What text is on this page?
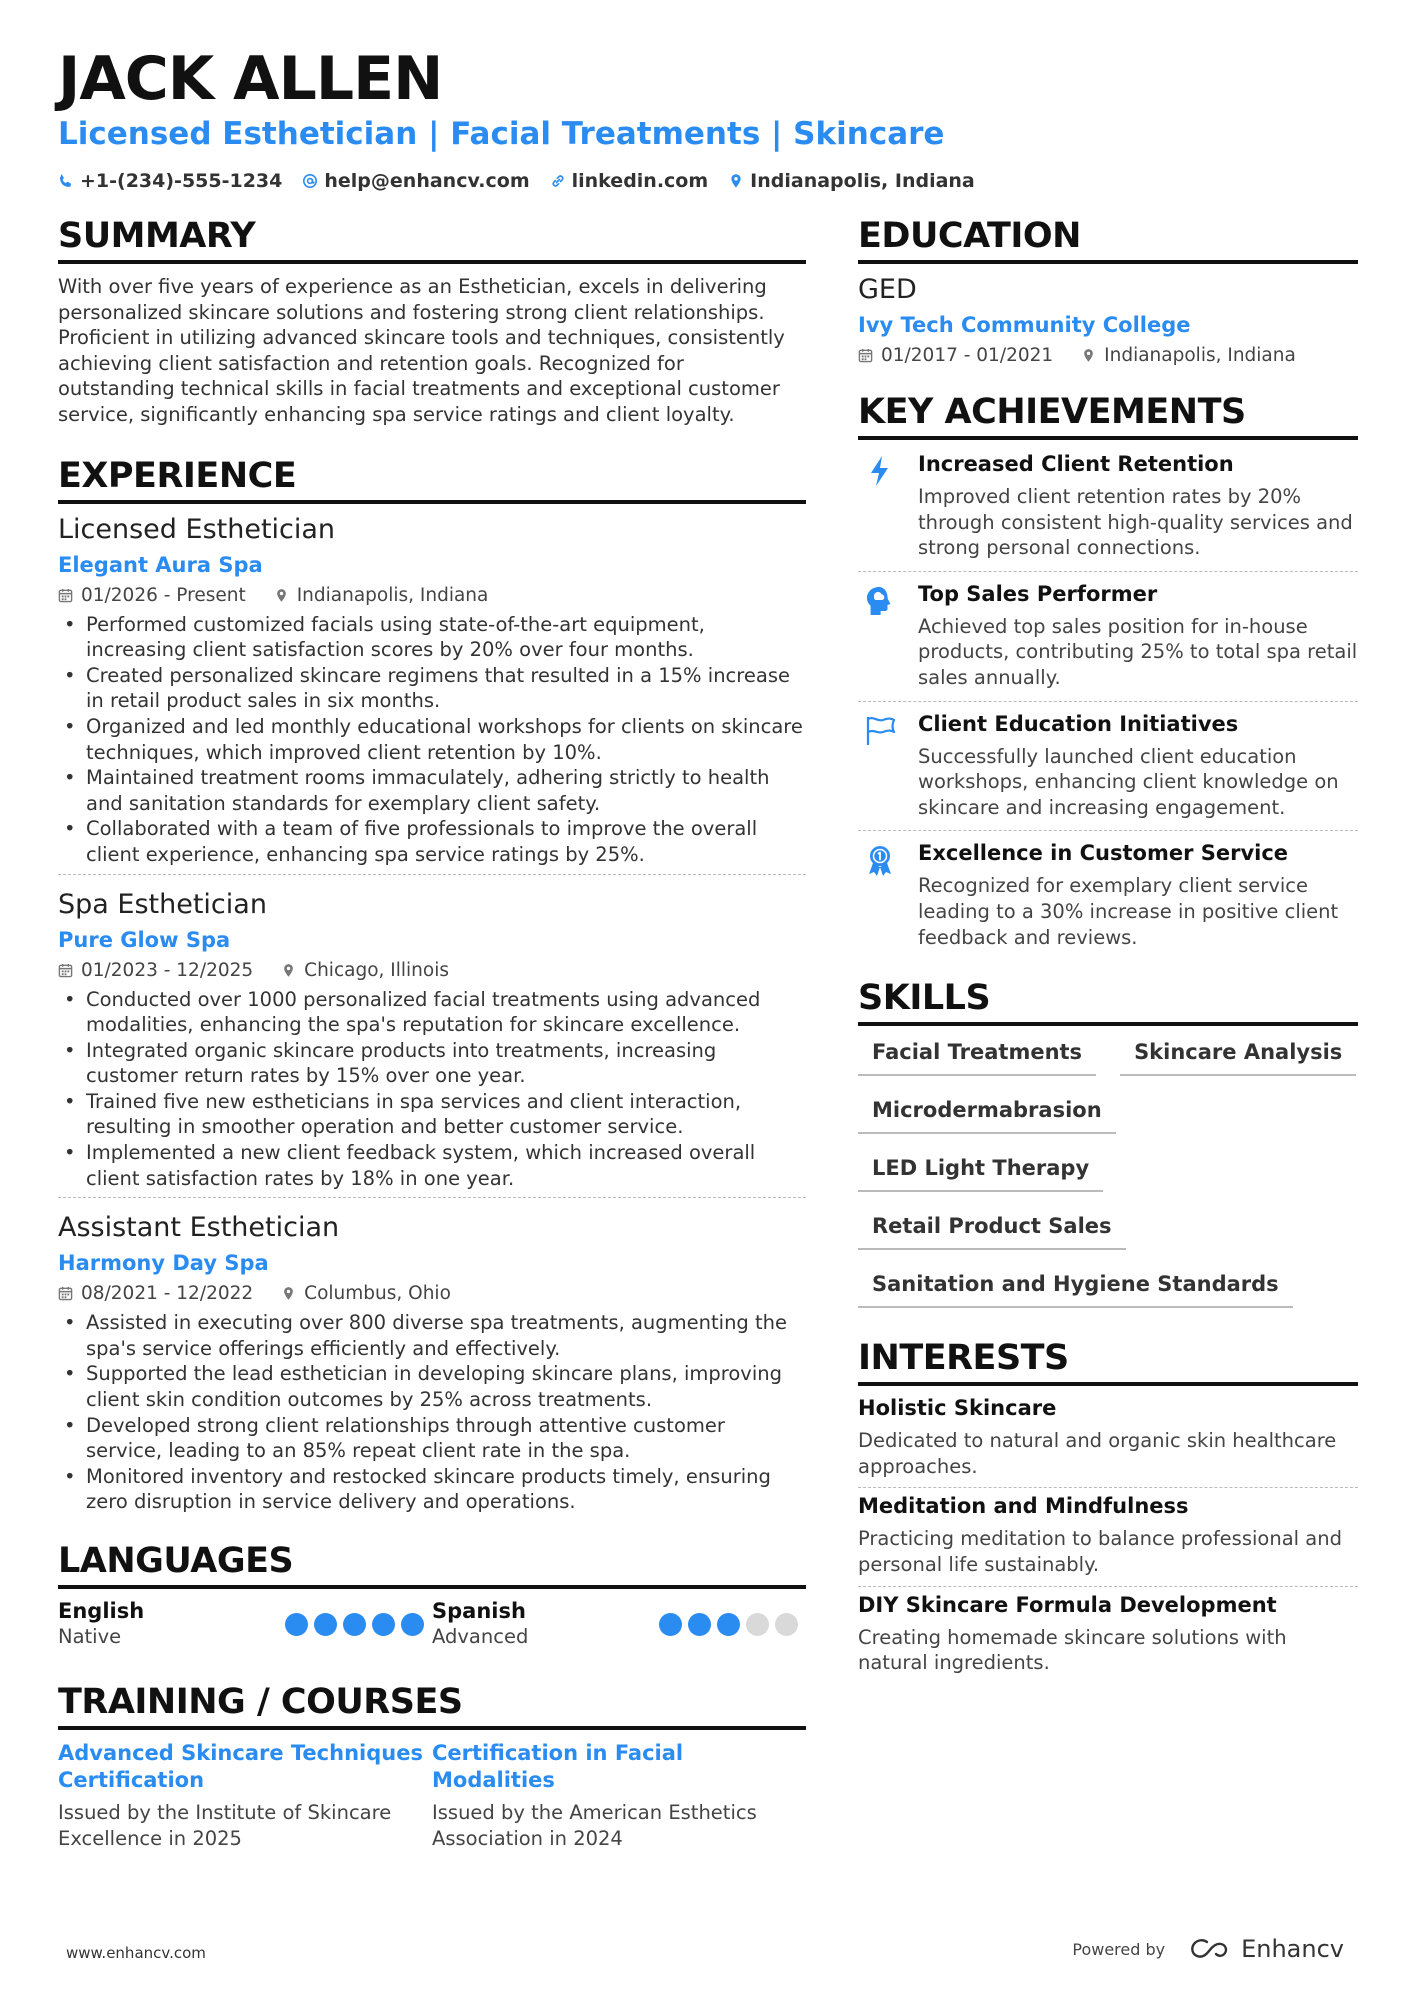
JACK ALLEN
Licensed Esthetician | Facial Treatments | Skincare
+1-(234)-555-1234 help@enhancv.com linkedin.com Indianapolis, Indiana
SUMMARY
With over five years of experience as an Esthetician, excels in delivering personalized skincare solutions and fostering strong client relationships. Proficient in utilizing advanced skincare tools and techniques, consistently achieving client satisfaction and retention goals. Recognized for outstanding technical skills in facial treatments and exceptional customer service, significantly enhancing spa service ratings and client loyalty.
EXPERIENCE
Licensed Esthetician
Elegant Aura Spa
01/2026 - Present	Indianapolis, Indiana
• Performed customized facials using state-of-the-art equipment, increasing client satisfaction scores by 20% over four months.
• Created personalized skincare regimens that resulted in a 15% increase in retail product sales in six months.
• Organized and led monthly educational workshops for clients on skincare techniques, which improved client retention by 10%.
• Maintained treatment rooms immaculately, adhering strictly to health and sanitation standards for exemplary client safety.
• Collaborated with a team of five professionals to improve the overall client experience, enhancing spa service ratings by 25%.
Spa Esthetician
Pure Glow Spa
01/2023 - 12/2025	Chicago, Illinois
• Conducted over 1000 personalized facial treatments using advanced modalities, enhancing the spa's reputation for skincare excellence.
• Integrated organic skincare products into treatments, increasing customer return rates by 15% over one year.
• Trained five new estheticians in spa services and client interaction, resulting in smoother operation and better customer service.
• Implemented a new client feedback system, which increased overall client satisfaction rates by 18% in one year.
Assistant Esthetician
Harmony Day Spa
08/2021 - 12/2022	Columbus, Ohio
• Assisted in executing over 800 diverse spa treatments, augmenting the spa's service offerings efficiently and effectively.
• Supported the lead esthetician in developing skincare plans, improving client skin condition outcomes by 25% across treatments.
• Developed strong client relationships through attentive customer service, leading to an 85% repeat client rate in the spa.
• Monitored inventory and restocked skincare products timely, ensuring zero disruption in service delivery and operations.
LANGUAGES
English
Native
Spanish
Advanced
TRAINING / COURSES
Advanced Skincare Techniques Certification
Issued by the Institute of Skincare Excellence in 2025
Certification in Facial Modalities
Issued by the American Esthetics Association in 2024
EDUCATION
GED
Ivy Tech Community College
01/2017 - 01/2021	Indianapolis, Indiana
KEY ACHIEVEMENTS
Increased Client Retention
Improved client retention rates by 20% through consistent high-quality services and strong personal connections.
Top Sales Performer
Achieved top sales position for in-house products, contributing 25% to total spa retail sales annually.
Client Education Initiatives
Successfully launched client education workshops, enhancing client knowledge on skincare and increasing engagement.
Excellence in Customer Service
Recognized for exemplary client service leading to a 30% increase in positive client feedback and reviews.
SKILLS
Facial Treatments	Skincare Analysis
Microdermabrasion
LED Light Therapy
Retail Product Sales
Sanitation and Hygiene Standards
INTERESTS
Holistic Skincare
Dedicated to natural and organic skin healthcare approaches.
Meditation and Mindfulness
Practicing meditation to balance professional and personal life sustainably.
DIY Skincare Formula Development
Creating homemade skincare solutions with natural ingredients.
www.enhancv.com	Powered by	Enhancv
